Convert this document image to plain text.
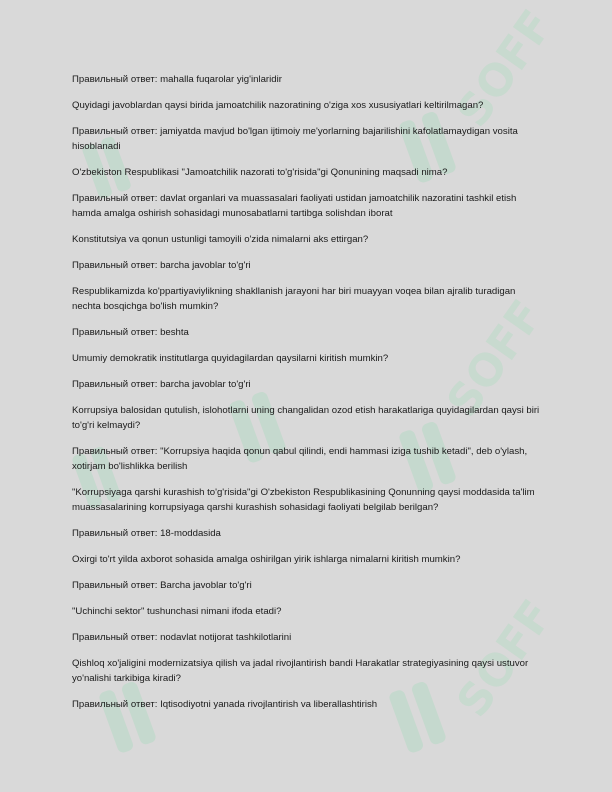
SOFF
SOFF
SOFF

Правильный ответ: mahalla fuqarolar yig'inlaridir

Quyidagi javoblardan qaysi birida jamoatchilik nazoratining o'ziga xos xususiyatlari keltirilmagan?

Правильный ответ: jamiyatda mavjud bo'lgan ijtimoiy me'yorlarning bajarilishini kafolatlamaydigan vosita hisoblanadi

O'zbekiston Respublikasi "Jamoatchilik nazorati to'g'risida"gi Qonunining maqsadi nima?

Правильный ответ: davlat organlari va muassasalari faoliyati ustidan jamoatchilik nazoratini tashkil etish hamda amalga oshirish sohasidagi munosabatlarni tartibga solishdan iborat

Konstitutsiya va qonun ustunligi tamoyili o'zida nimalarni aks ettirgan?

Правильный ответ: barcha javoblar to'g'ri

Respublikamizda ko'ppartiyaviylikning shakllanish jarayoni har biri muayyan voqea bilan ajralib turadigan nechta bosqichga bo'lish mumkin?

Правильный ответ: beshta

Umumiy demokratik institutlarga quyidagilardan qaysilarni kiritish mumkin?

Правильный ответ: barcha javoblar to'g'ri

Korrupsiya balosidan qutulish, islohotlarni uning changalidan ozod etish harakatlariga quyidagilardan qaysi biri to'g'ri kelmaydi?

Правильный ответ: "Korrupsiya haqida qonun qabul qilindi, endi hammasi iziga tushib ketadi", deb o'ylash, xotirjam bo'lishlikka berilish

"Korrupsiyaga qarshi kurashish to'g'risida"gi O'zbekiston Respublikasining Qonunning qaysi moddasida ta'lim muassasalarining korrupsiyaga qarshi kurashish sohasidagi faoliyati belgilab berilgan?

Правильный ответ: 18-moddasida

Oxirgi to'rt yilda axborot sohasida amalga oshirilgan yirik ishlarga nimalarni kiritish mumkin?

Правильный ответ: Barcha javoblar to'g'ri

"Uchinchi sektor" tushunchasi nimani ifoda etadi?

Правильный ответ: nodavlat notijorat tashkilotlarini

Qishloq xo'jaligini modernizatsiya qilish va jadal rivojlantirish bandi Harakatlar strategiyasining qaysi ustuvor yo'nalishi tarkibiga kiradi?

Правильный ответ: Iqtisodiyotni yanada rivojlantirish va liberallashtirish
